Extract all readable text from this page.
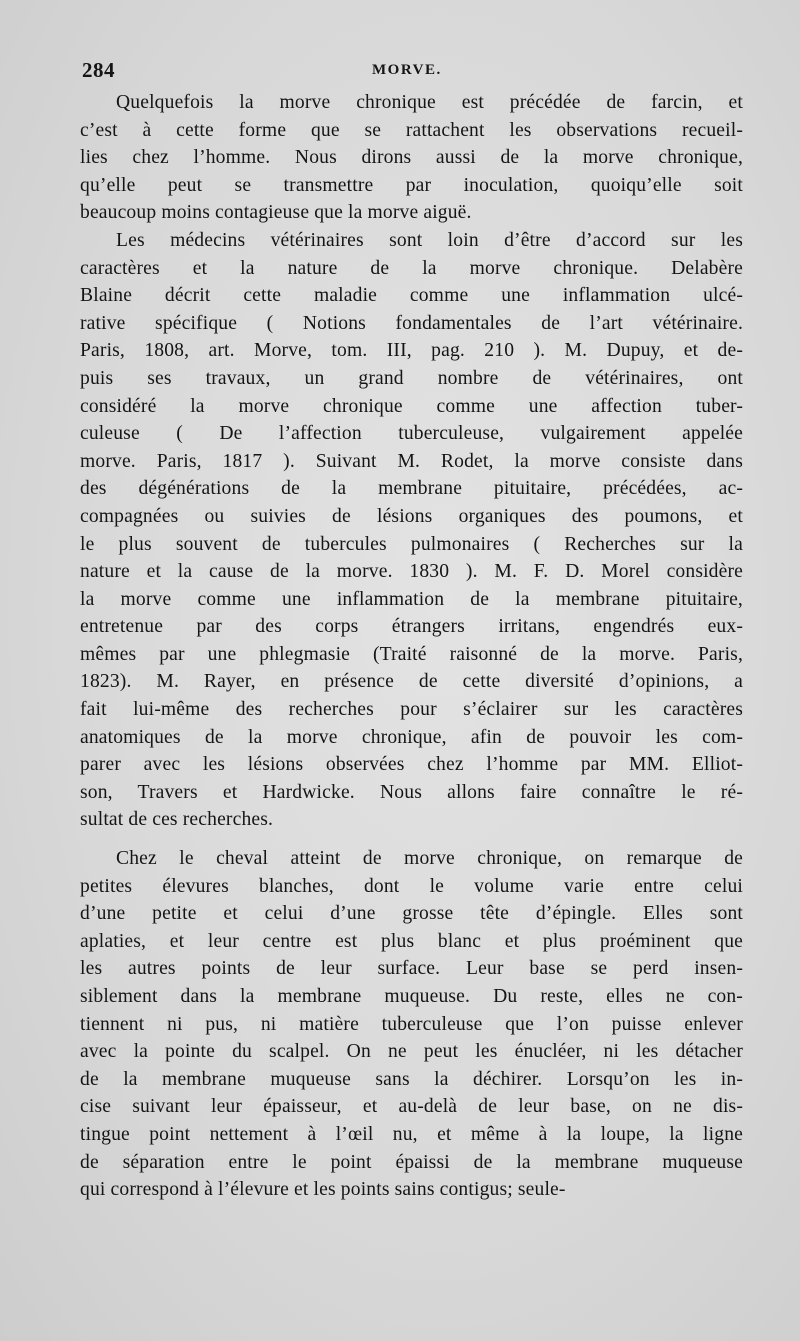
284	MORVE.
Quelquefois la morve chronique est précédée de farcin, et
c’est à cette forme que se rattachent les observations recueil-
lies chez l’homme. Nous dirons aussi de la morve chronique,
qu’elle peut se transmettre par inoculation, quoiqu’elle soit
beaucoup moins contagieuse que la morve aiguë.
Les médecins vétérinaires sont loin d’être d’accord sur les
caractères et la nature de la morve chronique. Delabère
Blaine décrit cette maladie comme une inflammation ulcé-
rative spécifique ( Notions fondamentales de l’art vétérinaire.
Paris, 1808, art. Morve, tom. III, pag. 210 ). M. Dupuy, et de-
puis ses travaux, un grand nombre de vétérinaires, ont
considéré la morve chronique comme une affection tuber-
culeuse ( De l’affection tuberculeuse, vulgairement appelée
morve. Paris, 1817 ). Suivant M. Rodet, la morve consiste dans
des dégénérations de la membrane pituitaire, précédées, ac-
compagnées ou suivies de lésions organiques des poumons, et
le plus souvent de tubercules pulmonaires ( Recherches sur la
nature et la cause de la morve. 1830 ). M. F. D. Morel considère
la morve comme une inflammation de la membrane pituitaire,
entretenue par des corps étrangers irritans, engendrés eux-
mêmes par une phlegmasie (Traité raisonné de la morve. Paris,
1823). M. Rayer, en présence de cette diversité d’opinions, a
fait lui-même des recherches pour s’éclairer sur les caractères
anatomiques de la morve chronique, afin de pouvoir les com-
parer avec les lésions observées chez l’homme par MM. Elliot-
son, Travers et Hardwicke. Nous allons faire connaître le ré-
sultat de ces recherches.
Chez le cheval atteint de morve chronique, on remarque de
petites élevures blanches, dont le volume varie entre celui
d’une petite et celui d’une grosse tête d’épingle. Elles sont
aplaties, et leur centre est plus blanc et plus proéminent que
les autres points de leur surface. Leur base se perd insen-
siblement dans la membrane muqueuse. Du reste, elles ne con-
tiennent ni pus, ni matière tuberculeuse que l’on puisse enlever
avec la pointe du scalpel. On ne peut les énucléer, ni les détacher
de la membrane muqueuse sans la déchirer. Lorsqu’on les in-
cise suivant leur épaisseur, et au-delà de leur base, on ne dis-
tingue point nettement à l’œil nu, et même à la loupe, la ligne
de séparation entre le point épaissi de la membrane muqueuse
qui correspond à l’élevure et les points sains contigus; seule-
